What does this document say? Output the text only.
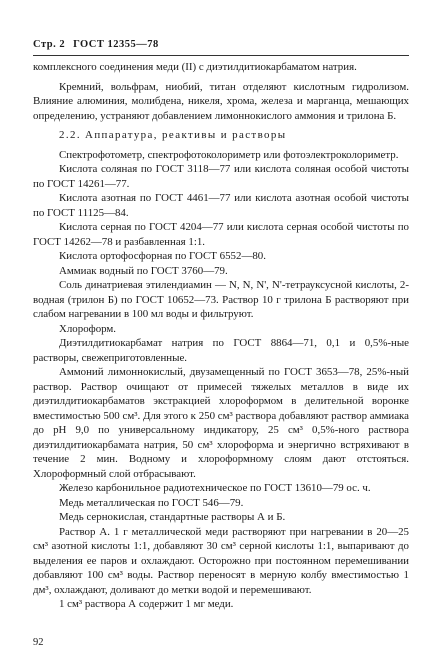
Стр. 2 ГОСТ 12355—78

комплексного соединения меди (II) с диэтилдитиокарбаматом натрия.

Кремний, вольфрам, ниобий, титан отделяют кислотным гидролизом. Влияние алюминия, молибдена, никеля, хрома, железа и марганца, мешающих определению, устраняют добавлением лимоннокислого аммония и трилона Б.

2.2. Аппаратура, реактивы и растворы

Спектрофотометр, спектрофотоколориметр или фотоэлектроколориметр.

Кислота соляная по ГОСТ 3118—77 или кислота соляная особой чистоты по ГОСТ 14261—77.

Кислота азотная по ГОСТ 4461—77 или кислота азотная особой чистоты по ГОСТ 11125—84.

Кислота серная по ГОСТ 4204—77 или кислота серная особой чистоты по ГОСТ 14262—78 и разбавленная 1:1.

Кислота ортофосфорная по ГОСТ 6552—80.

Аммиак водный по ГОСТ 3760—79.

Соль динатриевая этилендиамин — N, N, N', N'-тетрауксусной кислоты, 2-водная (трилон Б) по ГОСТ 10652—73. Раствор 10 г трилона Б растворяют при слабом нагревании в 100 мл воды и фильтруют.

Хлороформ.

Диэтилдитиокарбамат натрия по ГОСТ 8864—71, 0,1 и 0,5%-ные растворы, свежеприготовленные.

Аммоний лимоннокислый, двузамещенный по ГОСТ 3653—78, 25%-ный раствор. Раствор очищают от примесей тяжелых металлов в виде их диэтилдитиокарбаматов экстракцией хлороформом в делительной воронке вместимостью 500 см³. Для этого к 250 см³ раствора добавляют раствор аммиака до рН 9,0 по универсальному индикатору, 25 см³ 0,5%-ного раствора диэтилдитиокарбамата натрия, 50 см³ хлороформа и энергично встряхивают в течение 2 мин. Водному и хлороформному слоям дают отстояться. Хлороформный слой отбрасывают.

Железо карбонильное радиотехническое по ГОСТ 13610—79 ос. ч.

Медь металлическая по ГОСТ 546—79.

Медь сернокислая, стандартные растворы А и Б.

Раствор А. 1 г металлической меди растворяют при нагревании в 20—25 см³ азотной кислоты 1:1, добавляют 30 см³ серной кислоты 1:1, выпаривают до выделения ее паров и охлаждают. Осторожно при постоянном перемешивании добавляют 100 см³ воды. Раствор переносят в мерную колбу вместимостью 1 дм³, охлаждают, доливают до метки водой и перемешивают.

1 см³ раствора А содержит 1 мг меди.

92
